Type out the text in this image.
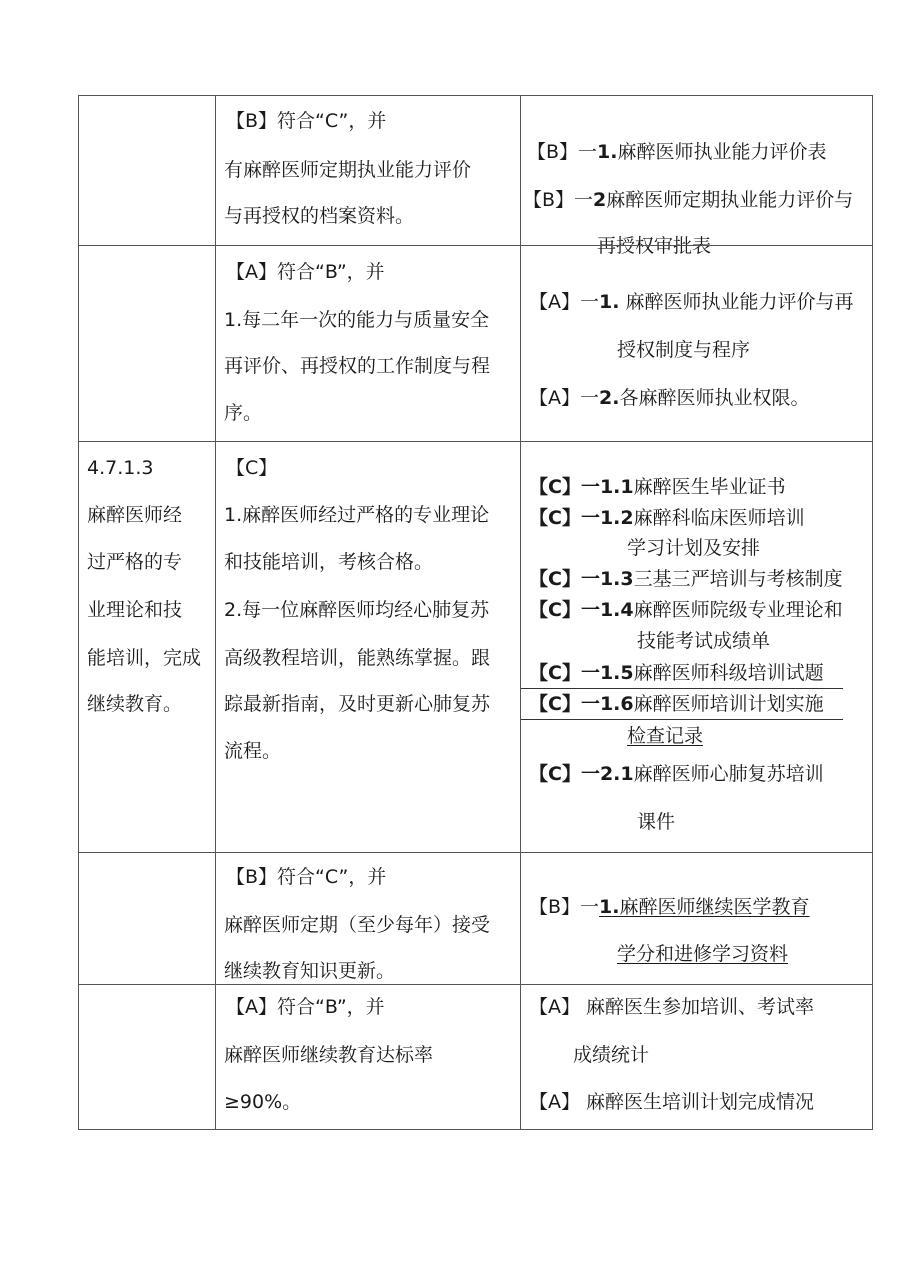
【B】符合“C”，并
有麻醉医师定期执业能力评价
与再授权的档案资料。
【B】一1.麻醉医师执业能力评价表
【B】一2麻醉医师定期执业能力评价与
再授权审批表
【A】符合“B”，并
1.每二年一次的能力与质量安全
再评价、再授权的工作制度与程
序。
【A】一1. 麻醉医师执业能力评价与再
授权制度与程序
【A】一2.各麻醉医师执业权限。
4.7.1.3
麻醉医师经
过严格的专
业理论和技
能培训，完成
继续教育。
【C】
1.麻醉医师经过严格的专业理论
和技能培训，考核合格。
2.每一位麻醉医师均经心肺复苏
高级教程培训，能熟练掌握。跟
踪最新指南，及时更新心肺复苏
流程。
【C】一1.1麻醉医生毕业证书
【C】一1.2麻醉科临床医师培训
学习计划及安排
【C】一1.3三基三严培训与考核制度
【C】一1.4麻醉医师院级专业理论和
技能考试成绩单
【C】一1.5麻醉医师科级培训试题
【C】一1.6麻醉医师培训计划实施
检查记录
【C】一2.1麻醉医师心肺复苏培训
课件
【B】符合“C”，并
麻醉医师定期（至少每年）接受
继续教育知识更新。
【B】一1.麻醉医师继续医学教育
学分和进修学习资料
【A】符合“B”，并
麻醉医师继续教育达标率
≥90%。
【A】 麻醉医生参加培训、考试率
成绩统计
【A】 麻醉医生培训计划完成情况
